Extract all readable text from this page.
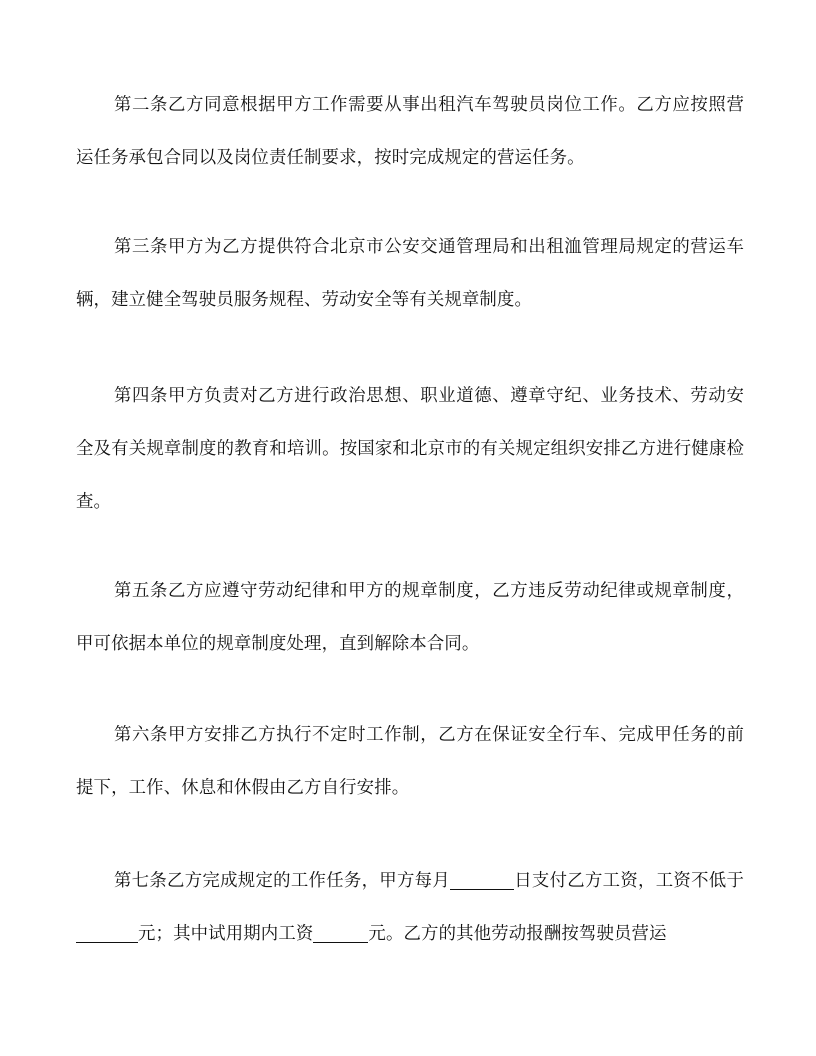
第二条乙方同意根据甲方工作需要从事出租汽车驾驶员岗位工作。乙方应按照营运任务承包合同以及岗位责任制要求，按时完成规定的营运任务。

第三条甲方为乙方提供符合北京市公安交通管理局和出租洫管理局规定的营运车辆，建立健全驾驶员服务规程、劳动安全等有关规章制度。

第四条甲方负责对乙方进行政治思想、职业道德、遵章守纪、业务技术、劳动安全及有关规章制度的教育和培训。按国家和北京市的有关规定组织安排乙方进行健康检查。

第五条乙方应遵守劳动纪律和甲方的规章制度，乙方违反劳动纪律或规章制度，甲可依据本单位的规章制度处理，直到解除本合同。

第六条甲方安排乙方执行不定时工作制，乙方在保证安全行车、完成甲任务的前提下，工作、休息和休假由乙方自行安排。

第七条乙方完成规定的工作任务，甲方每月	日支付乙方工资，工资不低于元；其中试用期内工资	元。乙方的其他劳动报酬按驾驶员营运
